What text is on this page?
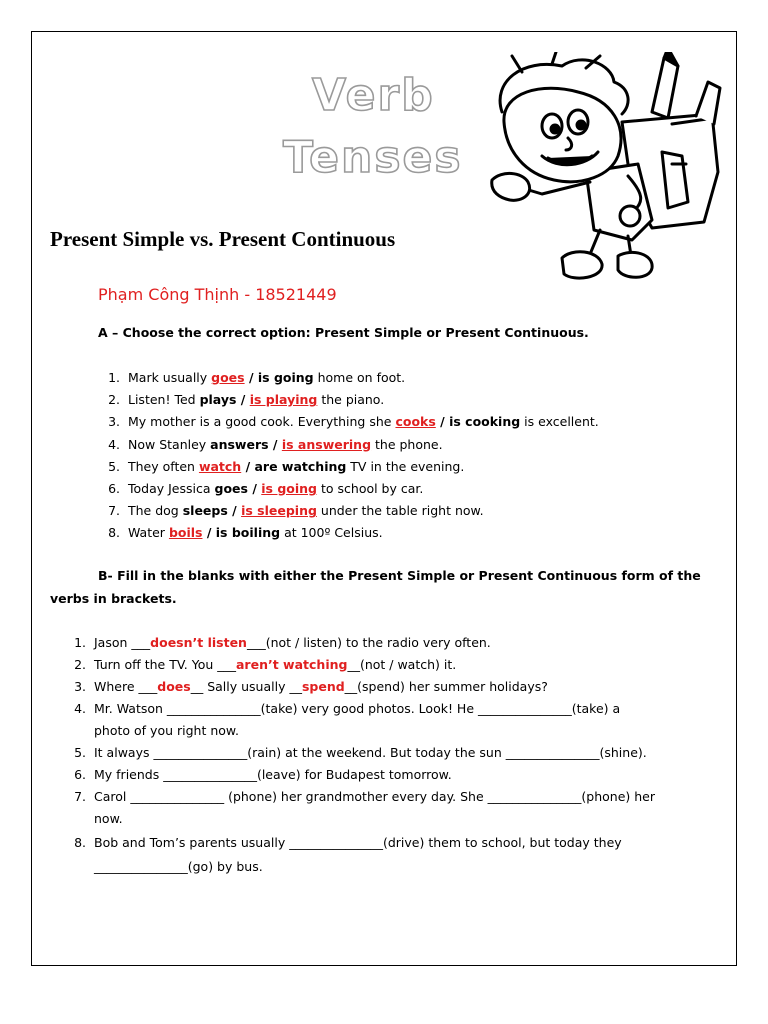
Verb
Tenses
Present Simple vs. Present Continuous
Phạm Công Thịnh - 18521449
A – Choose the correct option: Present Simple or Present Continuous.
1. Mark usually goes / is going home on foot.
2. Listen! Ted plays / is playing the piano.
3. My mother is a good cook. Everything she cooks / is cooking is excellent.
4. Now Stanley answers / is answering the phone.
5. They often watch / are watching TV in the evening.
6. Today Jessica goes / is going to school by car.
7. The dog sleeps / is sleeping under the table right now.
8. Water boils / is boiling at 100º Celsius.
B- Fill in the blanks with either the Present Simple or Present Continuous form of the
verbs in brackets.
1. Jason ___doesn’t listen___(not / listen) to the radio very often.
2. Turn off the TV. You ___aren’t watching__(not / watch) it.
3. Where ___does__ Sally usually __spend__(spend) her summer holidays?
4. Mr. Watson _______________(take) very good photos. Look! He _______________(take) a
photo of you right now.
5. It always _______________(rain) at the weekend. But today the sun _______________(shine).
6. My friends _______________(leave) for Budapest tomorrow.
7. Carol _______________ (phone) her grandmother every day. She _______________(phone) her
now.
8. Bob and Tom’s parents usually _______________(drive) them to school, but today they
_______________(go) by bus.
